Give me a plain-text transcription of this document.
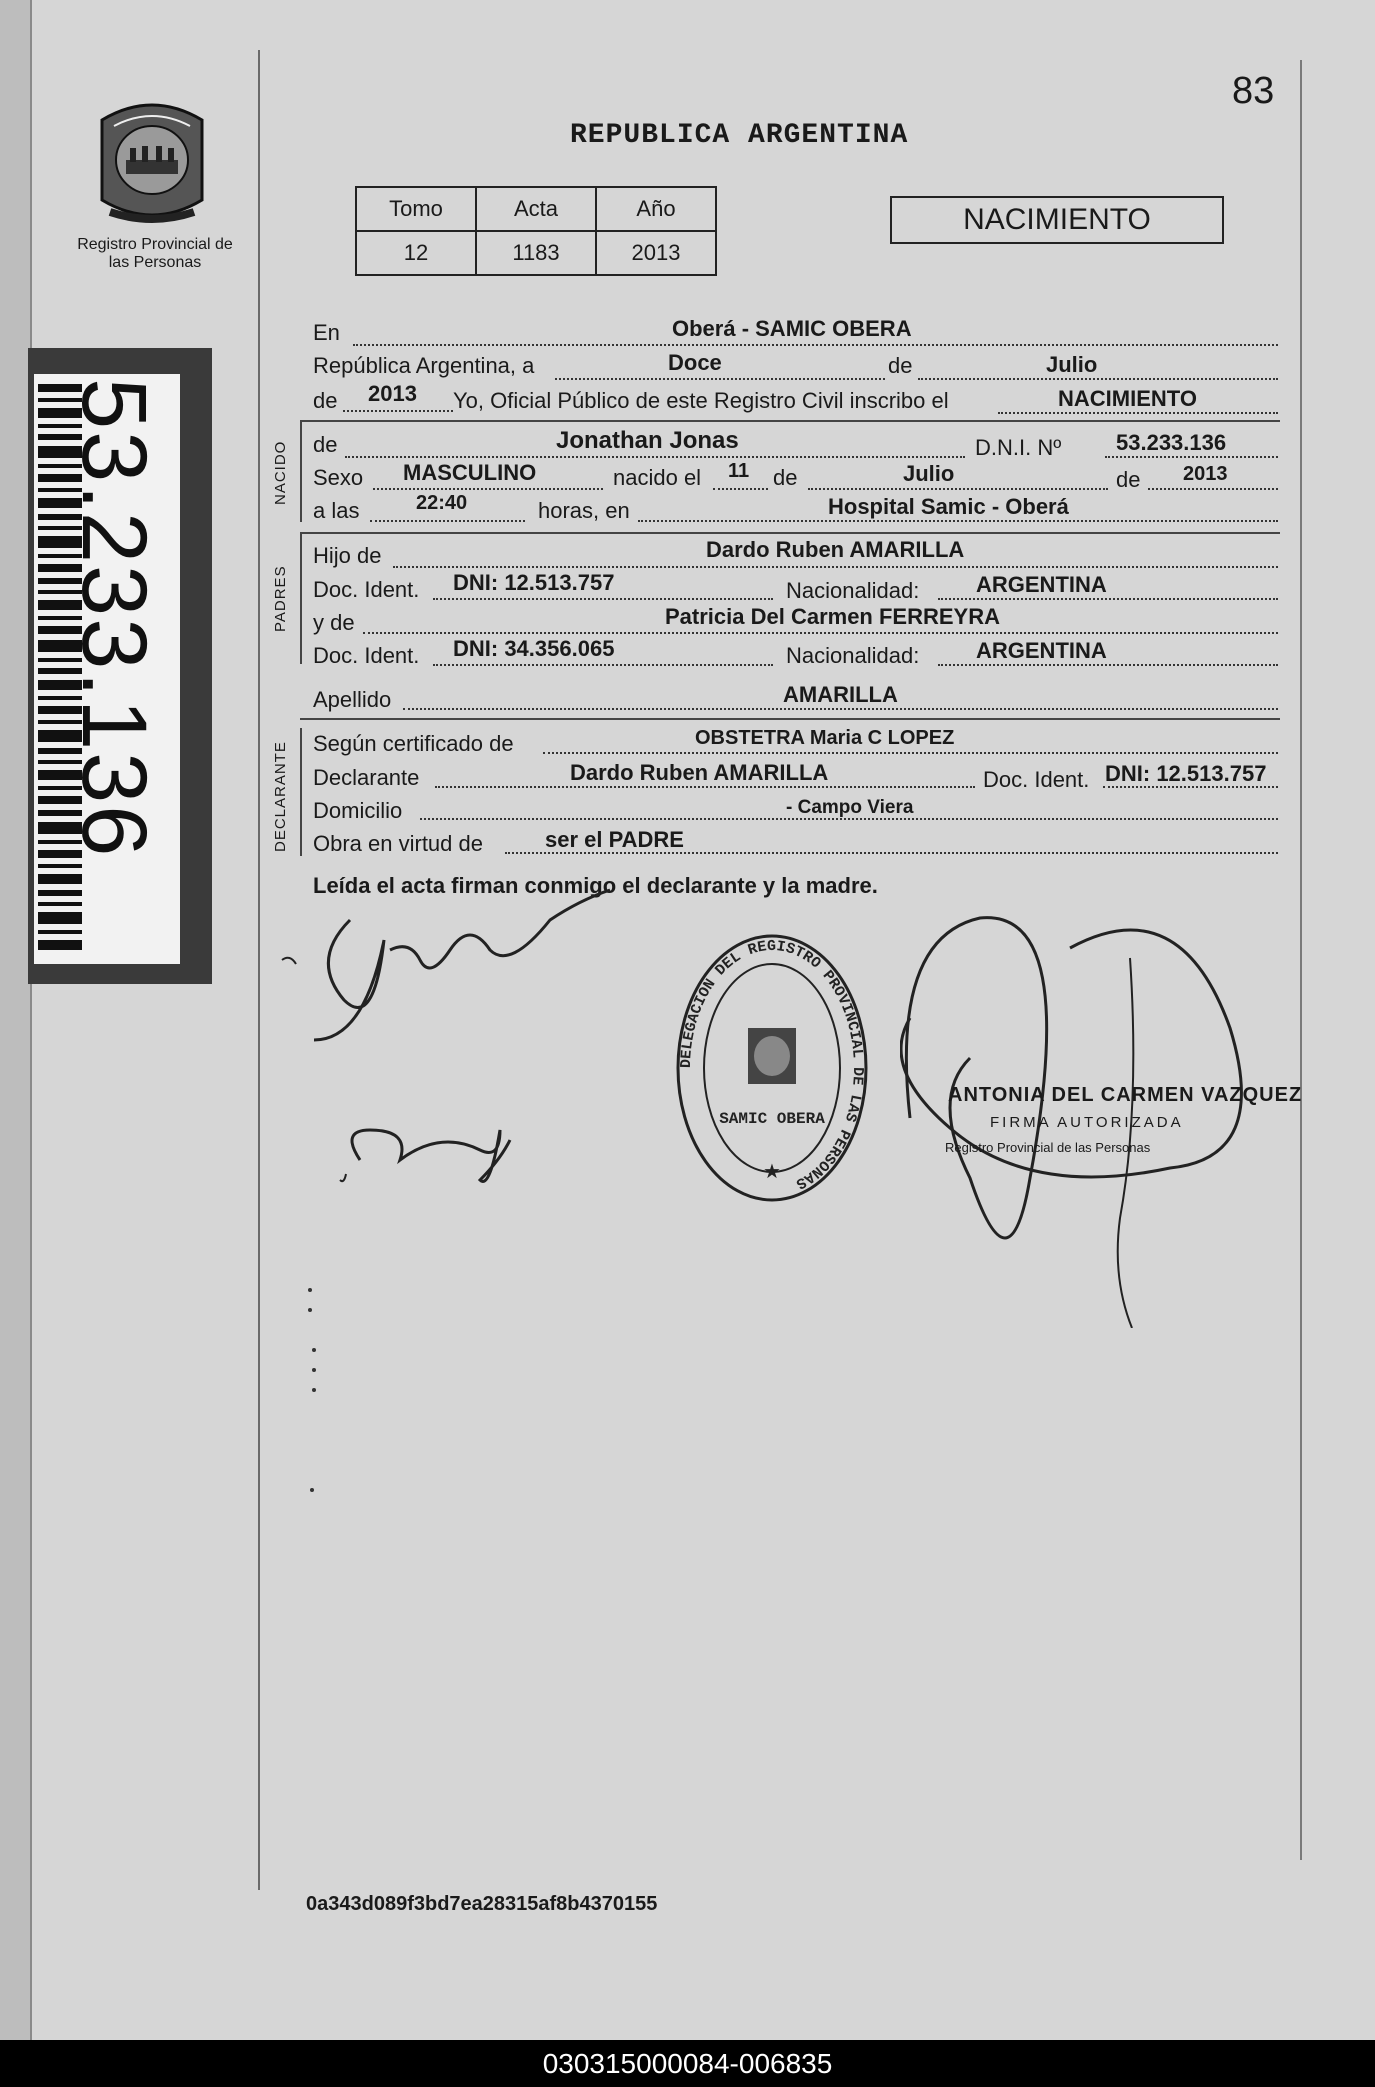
Registro Provincial de las Personas
53.233.136
83
REPUBLICA ARGENTINA
Tomo	Acta	Año
12	1183	2013
NACIMIENTO
En	Oberá - SAMIC OBERA
República Argentina, a	Doce	de	Julio
de 2013 Yo, Oficial Público de este Registro Civil inscribo el	NACIMIENTO
NACIDO de	Jonathan Jonas	D.N.I. Nº 53.233.136
Sexo MASCULINO	nacido el 11 de	Julio	de 2013
a las	22:40	horas, en	Hospital Samic - Oberá
PADRES
Hijo de	Dardo Ruben AMARILLA
Doc. Ident. DNI: 12.513.757	Nacionalidad:	ARGENTINA
y de	Patricia Del Carmen FERREYRA
Doc. Ident. DNI: 34.356.065	Nacionalidad:	ARGENTINA
Apellido	AMARILLA
DECLARANTE Según certificado de	OBSTETRA Maria C LOPEZ
Declarante	Dardo Ruben AMARILLA	Doc. Ident. DNI: 12.513.757
Domicilio	- Campo Viera
Obra en virtud de	ser el PADRE
Leída el acta firman conmigo el declarante y la madre.
DELEGACION DEL REGISTRO PROVINCIAL DE LAS PERSONAS
SAMIC OBERA
★
ANTONIA DEL CARMEN VAZQUEZ
FIRMA AUTORIZADA
Registro Provincial de las Personas
0a343d089f3bd7ea28315af8b4370155
030315000084-006835
